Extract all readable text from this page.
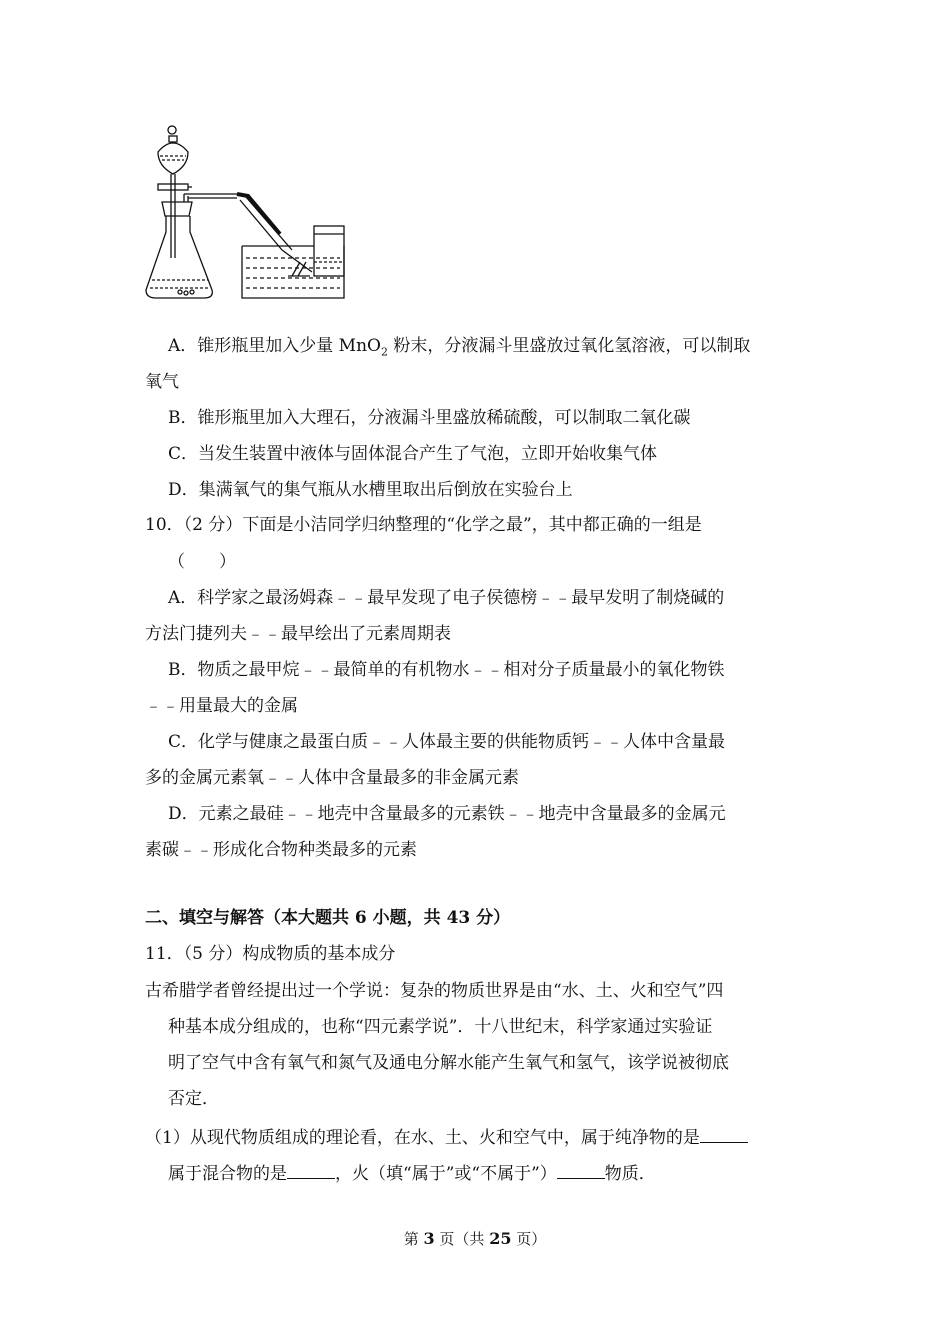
A．锥形瓶里加入少量 MnO$_2$ 粉末，分液漏斗里盛放过氧化氢溶液，可以制取
氧气
B．锥形瓶里加入大理石，分液漏斗里盛放稀硫酸，可以制取二氧化碳
C．当发生装置中液体与固体混合产生了气泡，立即开始收集气体
D．集满氧气的集气瓶从水槽里取出后倒放在实验台上
10．（2 分）下面是小洁同学归纳整理的“化学之最”，其中都正确的一组是
（　　）
A．科学家之最汤姆森﹣﹣最早发现了电子侯德榜﹣﹣最早发明了制烧碱的
方法门捷列夫﹣﹣最早绘出了元素周期表
B．物质之最甲烷﹣﹣最简单的有机物水﹣﹣相对分子质量最小的氧化物铁
﹣﹣用量最大的金属
C．化学与健康之最蛋白质﹣﹣人体最主要的供能物质钙﹣﹣人体中含量最
多的金属元素氧﹣﹣人体中含量最多的非金属元素
D．元素之最硅﹣﹣地壳中含量最多的元素铁﹣﹣地壳中含量最多的金属元
素碳﹣﹣形成化合物种类最多的元素
二、填空与解答（本大题共 6 小题，共 43 分）
11．（5 分）构成物质的基本成分
古希腊学者曾经提出过一个学说：复杂的物质世界是由“水、土、火和空气”四
种基本成分组成的，也称“四元素学说”．十八世纪末，科学家通过实验证
明了空气中含有氧气和氮气及通电分解水能产生氧气和氢气，该学说被彻底
否定．
（1）从现代物质组成的理论看，在水、土、火和空气中，属于纯净物的是
属于混合物的是	，火（填“属于”或“不属于”）	物质．
第 3 页（共 25 页）
